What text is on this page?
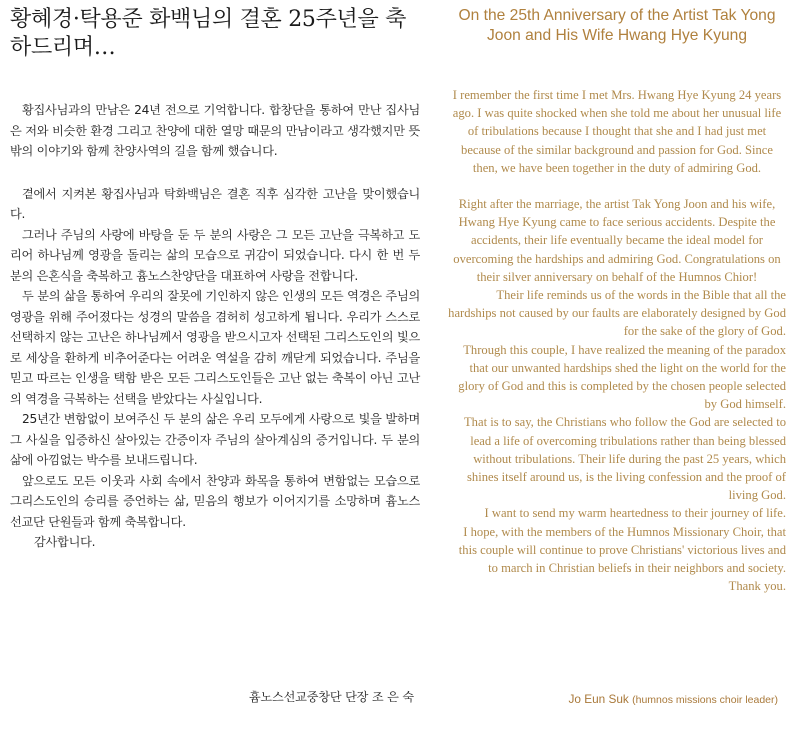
황혜경·탁용준 화백님의 결혼 25주년을 축하드리며…

황집사님과의 만남은 24년 전으로 기억합니다. 합창단을 통하여 만난 집사님은 저와 비슷한 환경 그리고 찬양에 대한 열망 때문의 만남이라고 생각했지만 뜻밖의 이야기와 함께 찬양사역의 길을 함께 했습니다.

곁에서 지켜본 황집사님과 탁화백님은 결혼 직후 심각한 고난을 맞이했습니다.

그러나 주님의 사랑에 바탕을 둔 두 분의 사랑은 그 모든 고난을 극복하고 도리어 하나님께 영광을 돌리는 삶의 모습으로 귀감이 되었습니다. 다시 한 번 두 분의 은혼식을 축복하고 흄노스찬양단을 대표하여 사랑을 전합니다.

두 분의 삶을 통하여 우리의 잘못에 기인하지 않은 인생의 모든 역경은 주님의 영광을 위해 주어졌다는 성경의 말씀을 겸허히 성고하게 됩니다. 우리가 스스로 선택하지 않는 고난은 하나님께서 영광을 받으시고자 선택된 그리스도인의 빛으로 세상을 환하게 비추어준다는 어려운 역설을 감히 깨닫게 되었습니다. 주님을 믿고 따르는 인생을 택함 받은 모든 그리스도인들은 고난 없는 축복이 아닌 고난의 역경을 극복하는 선택을 받았다는 사실입니다.

25년간 변함없이 보여주신 두 분의 삶은 우리 모두에게 사랑으로 빛을 발하며 그 사실을 입증하신 살아있는 간증이자 주님의 살아계심의 증거입니다. 두 분의 삶에 아낌없는 박수를 보내드립니다.

앞으로도 모든 이웃과 사회 속에서 찬양과 화목을 통하여 변함없는 모습으로 그리스도인의 승리를 증언하는 삶, 믿음의 행보가 이어지기를 소망하며 흄노스선교단 단원들과 함께 축복합니다.

감사합니다.

흄노스선교중창단 단장 조 은 숙
On the 25th Anniversary of the Artist Tak Yong Joon and His Wife Hwang Hye Kyung

I remember the first time I met Mrs. Hwang Hye Kyung 24 years ago. I was quite shocked when she told me about her unusual life of tribulations because I thought that she and I had just met because of the similar background and passion for God. Since then, we have been together in the duty of admiring God.

Right after the marriage, the artist Tak Yong Joon and his wife, Hwang Hye Kyung came to face serious accidents. Despite the accidents, their life eventually became the ideal model for overcoming the hardships and admiring God. Congratulations on their silver anniversary on behalf of the Humnos Chior!

Their life reminds us of the words in the Bible that all the hardships not caused by our faults are elaborately designed by God for the sake of the glory of God.

Through this couple, I have realized the meaning of the paradox that our unwanted hardships shed the light on the world for the glory of God and this is completed by the chosen people selected by God himself.

That is to say, the Christians who follow the God are selected to lead a life of overcoming tribulations rather than being blessed without tribulations. Their life during the past 25 years, which shines itself around us, is the living confession and the proof of living God.

I want to send my warm heartedness to their journey of life.

I hope, with the members of the Humnos Missionary Choir, that this couple will continue to prove Christians' victorious lives and to march in Christian beliefs in their neighbors and society.

Thank you.

Jo Eun Suk (humnos missions choir leader)
